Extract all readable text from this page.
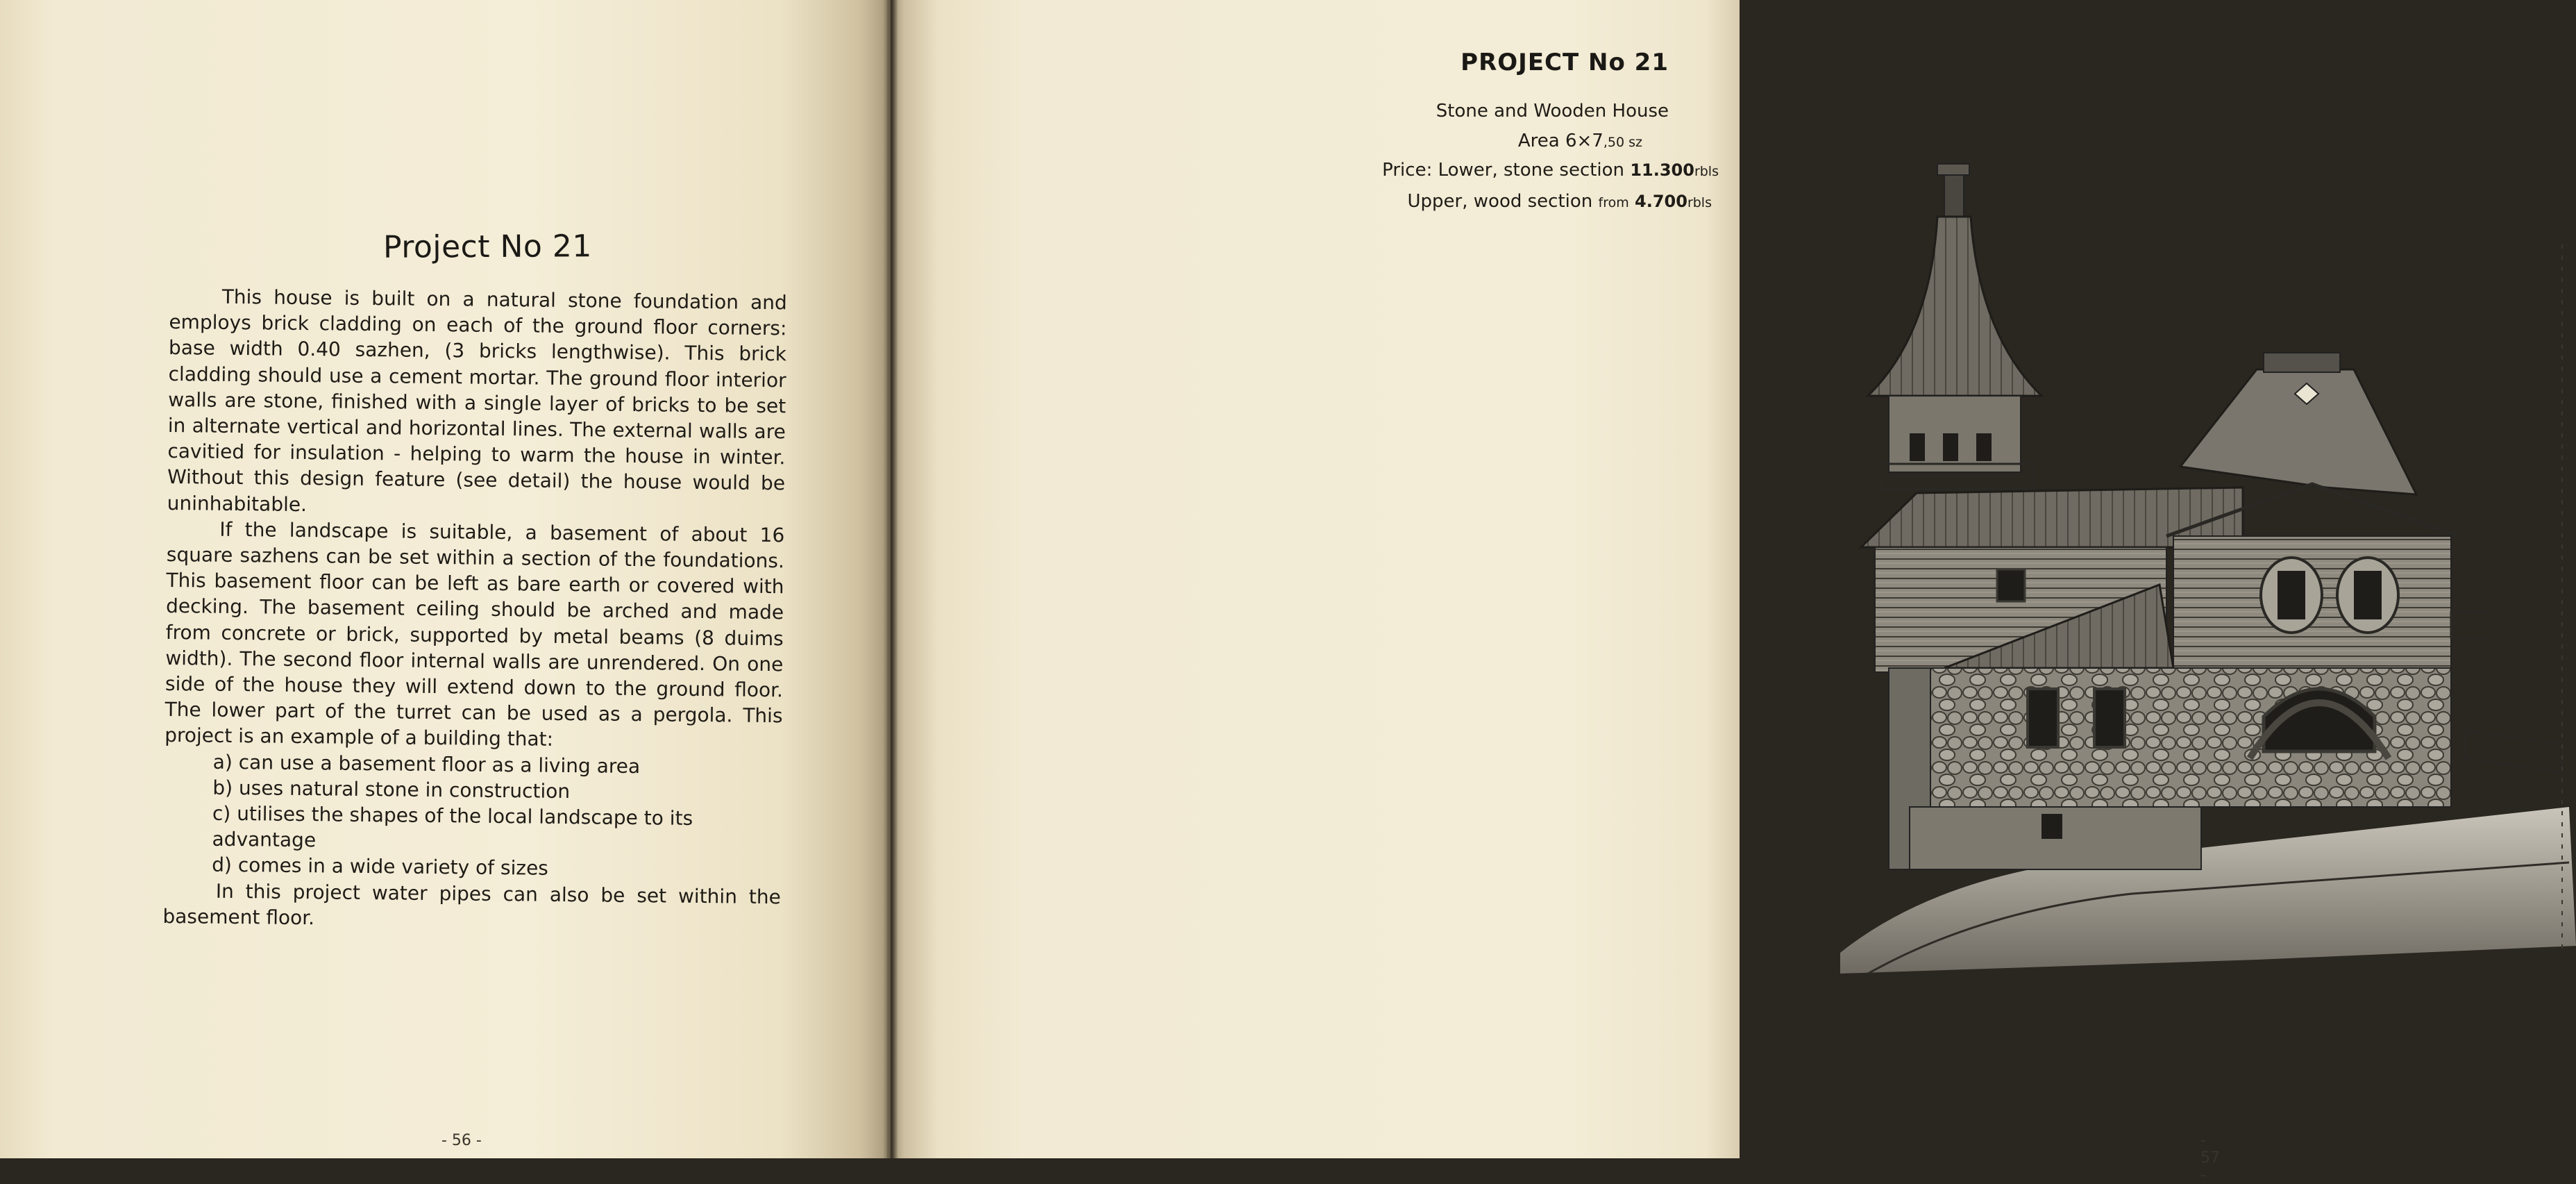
Project No 21

This house is built on a natural stone foundation and employs brick cladding on each of the ground floor corners: base width 0.40 sazhen, (3 bricks lengthwise). This brick cladding should use a cement mortar. The ground floor interior walls are stone, finished with a single layer of bricks to be set in alternate vertical and horizontal lines. The external walls are cavitied for insulation - helping to warm the house in winter. Without this design feature (see detail) the house would be uninhabitable.

If the landscape is suitable, a basement of about 16 square sazhens can be set within a section of the foundations. This basement floor can be left as bare earth or covered with decking. The basement ceiling should be arched and made from concrete or brick, supported by metal beams (8 duims width). The second floor internal walls are unrendered. On one side of the house they will extend down to the ground floor. The lower part of the turret can be used as a pergola. This project is an example of a building that:

a) can use a basement floor as a living area
b) uses natural stone in construction
c) utilises the shapes of the local landscape to its advantage
d) comes in a wide variety of sizes

In this project water pipes can also be set within the basement floor.

- 56 -
PROJECT No 21
Stone and Wooden House
Area 6×7,50 sz
Price: Lower, stone section 11.300rbls
Upper, wood section from 4.700rbls
- 57 -
